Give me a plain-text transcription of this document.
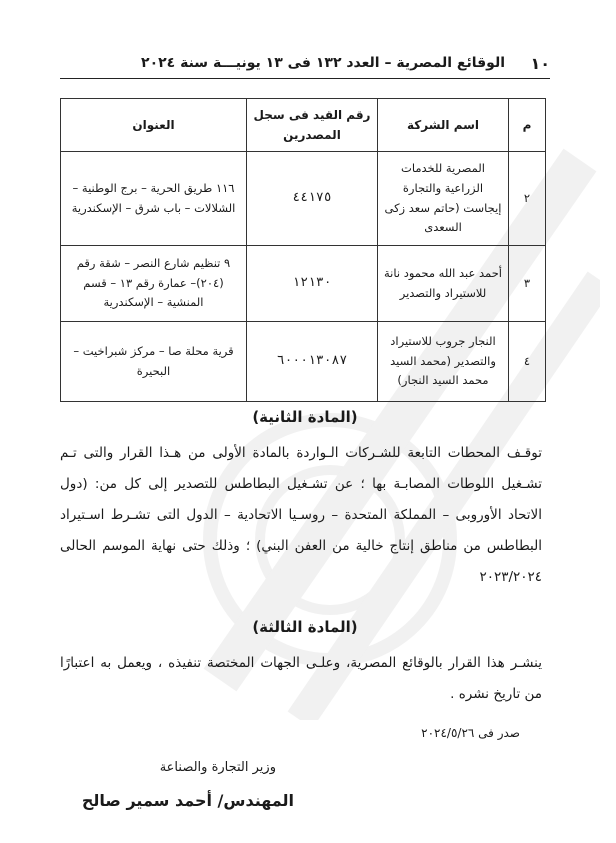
١٠
الوقائع المصرية – العدد ١٣٢ فى ١٣ يونيـــة سنة ٢٠٢٤
م	اسم الشركة	رقم القيد فى سجل المصدرين	العنوان
٢	المصرية للخدمات الزراعية والتجارة إيجاست (حاتم سعد زكى السعدى	٤٤١٧٥	١١٦ طريق الحرية – برج الوطنية – الشلالات – باب شرق – الإسكندرية
٣	أحمد عبد الله محمود نانة للاستيراد والتصدير	١٢١٣٠	٩ تنظيم شارع النصر – شقة رقم (٢٠٤)– عمارة رقم ١٣ – قسم المنشية – الإسكندرية
٤	النجار جروب للاستيراد والتصدير (محمد السيد محمد السيد النجار)	٦٠٠٠١٣٠٨٧	قرية محلة صا – مركز شبراخيت – البحيرة
(المادة الثانية)
توقـف المحطات التابعة للشـركات الـواردة بالمادة الأولى من هـذا القرار والتى تـم تشـغيل اللوطات المصابـة بها ؛ عن تشـغيل البطاطس للتصدير إلى كل من: (دول الاتحاد الأوروبى – المملكة المتحدة – روسـيا الاتحادية – الدول التى تشـرط اسـتيراد البطاطس من مناطق إنتاج خالية من العفن البني) ؛ وذلك حتى نهاية الموسم الحالى ٢٠٢٣/٢٠٢٤
(المادة الثالثة)
ينشـر هذا القرار بالوقائع المصرية، وعلـى الجهات المختصة تنفيذه ، ويعمل به اعتبارًا من تاريخ نشره .
صدر فى ٢٠٢٤/٥/٢٦
وزير التجارة والصناعة
المهندس/ أحمد سمير صالح
